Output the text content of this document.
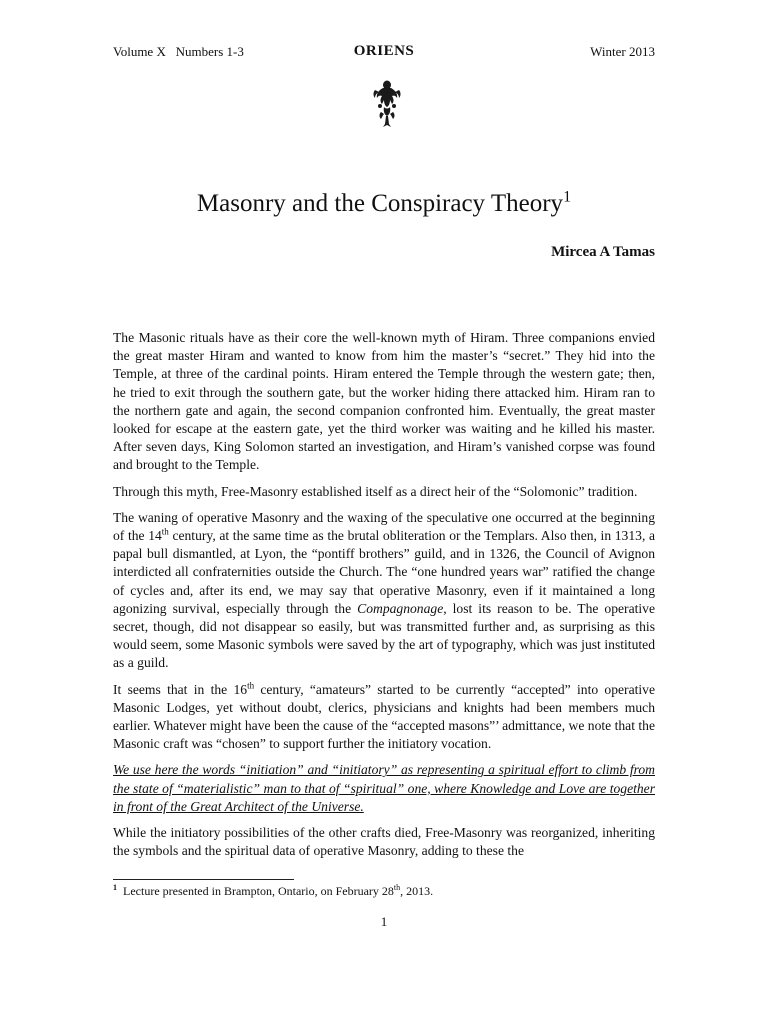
Volume X   Numbers 1-3	ORIENS	Winter 2013
Masonry and the Conspiracy Theory$^1$
Mircea A Tamas

The Masonic rituals have as their core the well-known myth of Hiram. Three companions envied the great master Hiram and wanted to know from him the master’s “secret.” They hid into the Temple, at three of the cardinal points. Hiram entered the Temple through the western gate; then, he tried to exit through the southern gate, but the worker hiding there attacked him. Hiram ran to the northern gate and again, the second companion confronted him. Eventually, the great master looked for escape at the eastern gate, yet the third worker was waiting and he killed his master. After seven days, King Solomon started an investigation, and Hiram’s vanished corpse was found and brought to the Temple.

Through this myth, Free-Masonry established itself as a direct heir of the “Solomonic” tradition.

The waning of operative Masonry and the waxing of the speculative one occurred at the beginning of the 14th century, at the same time as the brutal obliteration or the Templars. Also then, in 1313, a papal bull dismantled, at Lyon, the “pontiff brothers” guild, and in 1326, the Council of Avignon interdicted all confraternities outside the Church. The “one hundred years war” ratified the change of cycles and, after its end, we may say that operative Masonry, even if it maintained a long agonizing survival, especially through the Compagnonage, lost its reason to be. The operative secret, though, did not disappear so easily, but was transmitted further and, as surprising as this would seem, some Masonic symbols were saved by the art of typography, which was just instituted as a guild.

It seems that in the 16th century, “amateurs” started to be currently “accepted” into operative Masonic Lodges, yet without doubt, clerics, physicians and knights had been members much earlier. Whatever might have been the cause of the “accepted masons”’ admittance, we note that the Masonic craft was “chosen” to support further the initiatory vocation.

We use here the words “initiation” and “initiatory” as representing a spiritual effort to climb from the state of “materialistic” man to that of “spiritual” one, where Knowledge and Love are together in front of the Great Architect of the Universe.

While the initiatory possibilities of the other crafts died, Free-Masonry was reorganized, inheriting the symbols and the spiritual data of operative Masonry, adding to these the

$^1$ Lecture presented in Brampton, Ontario, on February 28th, 2013.
1
